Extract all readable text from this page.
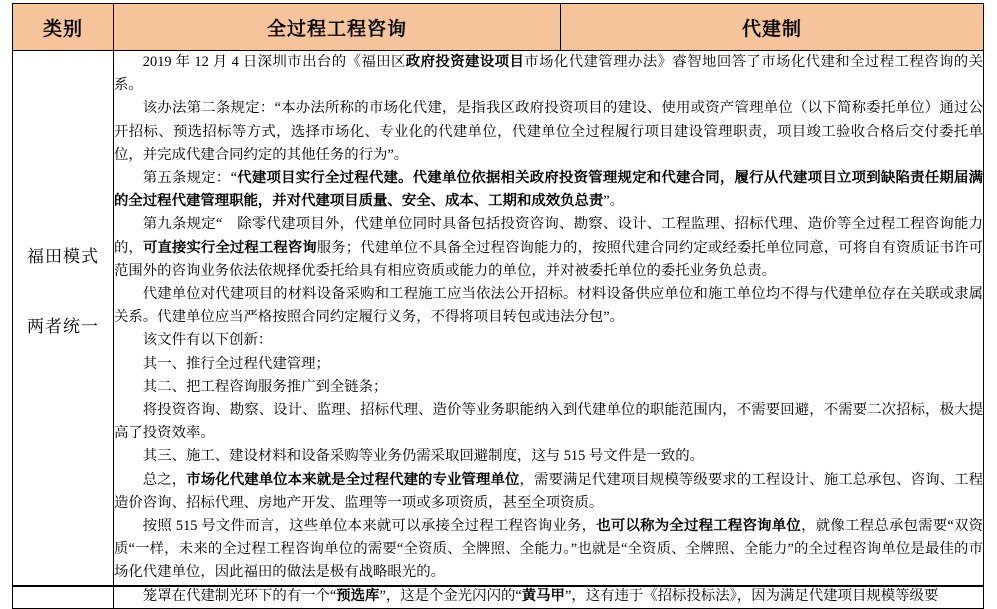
类别	全过程工程咨询	代建制

福田模式
两者统一

2019 年 12 月 4 日深圳市出台的《福田区政府投资建设项目市场化代建管理办法》睿智地回答了市场化代建和全过程工程咨询的关系。
该办法第二条规定：“本办法所称的市场化代建，是指我区政府投资项目的建设、使用或资产管理单位（以下简称委托单位）通过公开招标、预选招标等方式，选择市场化、专业化的代建单位，代建单位全过程履行项目建设管理职责，项目竣工验收合格后交付委托单位，并完成代建合同约定的其他任务的行为”。
第五条规定：“代建项目实行全过程代建。代建单位依据相关政府投资管理规定和代建合同，履行从代建项目立项到缺陷责任期届满的全过程代建管理职能，并对代建项目质量、安全、成本、工期和成效负总责”。
第九条规定“　除零代建项目外，代建单位同时具备包括投资咨询、勘察、设计、工程监理、招标代理、造价等全过程工程咨询能力的，可直接实行全过程工程咨询服务；代建单位不具备全过程咨询能力的，按照代建合同约定或经委托单位同意，可将自有资质证书许可范围外的咨询业务依法依规择优委托给具有相应资质或能力的单位，并对被委托单位的委托业务负总责。
代建单位对代建项目的材料设备采购和工程施工应当依法公开招标。材料设备供应单位和施工单位均不得与代建单位存在关联或隶属关系。代建单位应当严格按照合同约定履行义务，不得将项目转包或违法分包”。
该文件有以下创新：
其一、推行全过程代建管理；
其二、把工程咨询服务推广到全链条；
将投资咨询、勘察、设计、监理、招标代理、造价等业务职能纳入到代建单位的职能范围内，不需要回避，不需要二次招标，极大提高了投资效率。
其三、施工、建设材料和设备采购等业务仍需采取回避制度，这与 515 号文件是一致的。
总之，市场化代建单位本来就是全过程代建的专业管理单位，需要满足代建项目规模等级要求的工程设计、施工总承包、咨询、工程造价咨询、招标代理、房地产开发、监理等一项或多项资质，甚至全项资质。
按照 515 号文件而言，这些单位本来就可以承接全过程工程咨询业务，也可以称为全过程工程咨询单位，就像工程总承包需要“双资质“一样，未来的全过程工程咨询单位的需要“全资质、全牌照、全能力。”也就是“全资质、全牌照、全能力”的全过程咨询单位是最佳的市场化代建单位，因此福田的做法是极有战略眼光的。
笼罩在代建制光环下的有一个“预选库”，这是个金光闪闪的“黄马甲”，这有违于《招标投标法》，因为满足代建项目规模等级要
